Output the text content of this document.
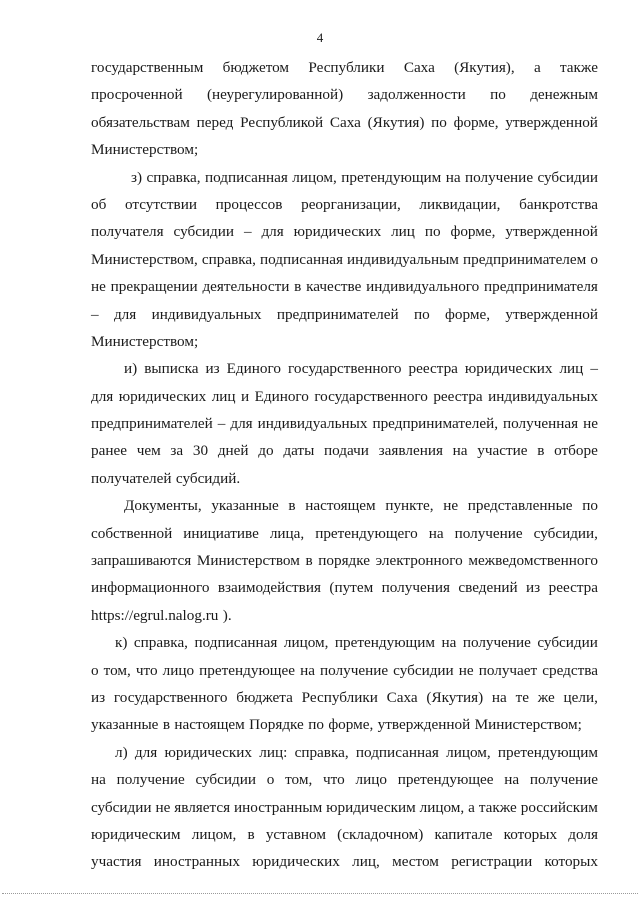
4
государственным бюджетом Республики Саха (Якутия), а также
просроченной (неурегулированной) задолженности по денежным
обязательствам перед Республикой Саха (Якутия) по форме, утвержденной
Министерством;
з) справка, подписанная лицом, претендующим на получение субсидии
об отсутствии процессов реорганизации, ликвидации, банкротства
получателя субсидии – для юридических лиц по форме, утвержденной
Министерством, справка, подписанная индивидуальным предпринимателем о
не прекращении деятельности в качестве индивидуального предпринимателя
– для индивидуальных предпринимателей по форме, утвержденной
Министерством;
и) выписка из Единого государственного реестра юридических лиц –
для юридических лиц и Единого государственного реестра индивидуальных
предпринимателей – для индивидуальных предпринимателей, полученная не
ранее чем за 30 дней до даты подачи заявления на участие в отборе
получателей субсидий.
Документы, указанные в настоящем пункте, не представленные по
собственной инициативе лица, претендующего на получение субсидии,
запрашиваются Министерством в порядке электронного межведомственного
информационного взаимодействия (путем получения сведений из реестра
https://egrul.nalog.ru ).
к) справка, подписанная лицом, претендующим на получение субсидии
о том, что лицо претендующее на получение субсидии не получает средства
из государственного бюджета Республики Саха (Якутия) на те же цели,
указанные в настоящем Порядке по форме, утвержденной Министерством;
л) для юридических лиц: справка, подписанная лицом, претендующим
на получение субсидии о том, что лицо претендующее на получение
субсидии не является иностранным юридическим лицом, а также российским
юридическим лицом, в уставном (складочном) капитале которых доля
участия иностранных юридических лиц, местом регистрации которых
